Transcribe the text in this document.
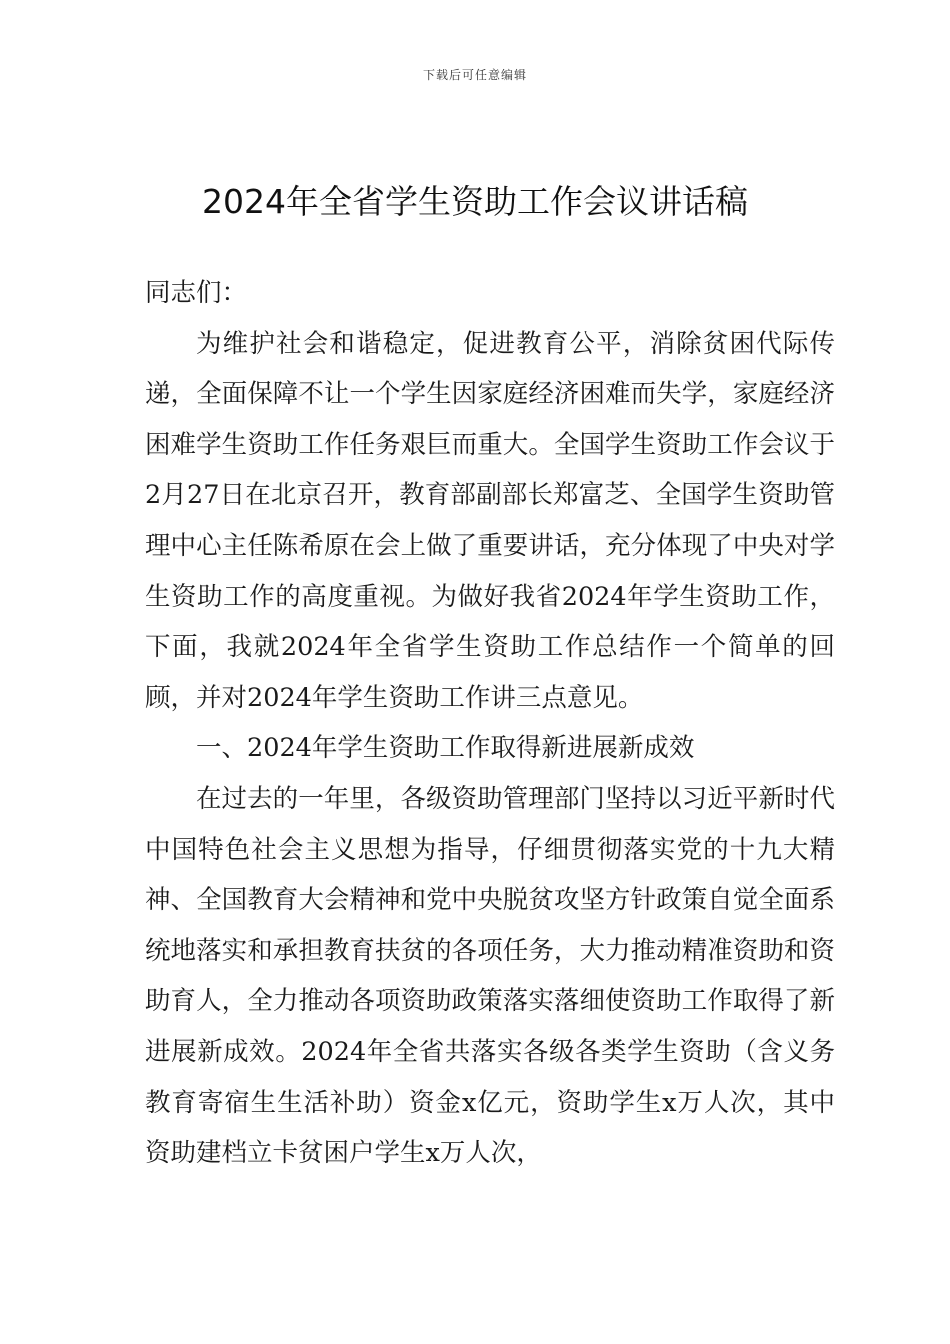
下载后可任意编辑
2024年全省学生资助工作会议讲话稿

同志们：

为维护社会和谐稳定，促进教育公平，消除贫困代际传递，全面保障不让一个学生因家庭经济困难而失学，家庭经济困难学生资助工作任务艰巨而重大。全国学生资助工作会议于2月27日在北京召开，教育部副部长郑富芝、全国学生资助管理中心主任陈希原在会上做了重要讲话，充分体现了中央对学生资助工作的高度重视。为做好我省2024年学生资助工作，下面，我就2024年全省学生资助工作总结作一个简单的回顾，并对2024年学生资助工作讲三点意见。

一、2024年学生资助工作取得新进展新成效

在过去的一年里，各级资助管理部门坚持以习近平新时代中国特色社会主义思想为指导，仔细贯彻落实党的十九大精神、全国教育大会精神和党中央脱贫攻坚方针政策自觉全面系统地落实和承担教育扶贫的各项任务，大力推动精准资助和资助育人，全力推动各项资助政策落实落细使资助工作取得了新进展新成效。2024年全省共落实各级各类学生资助（含义务教育寄宿生生活补助）资金x亿元，资助学生x万人次，其中资助建档立卡贫困户学生x万人次，
